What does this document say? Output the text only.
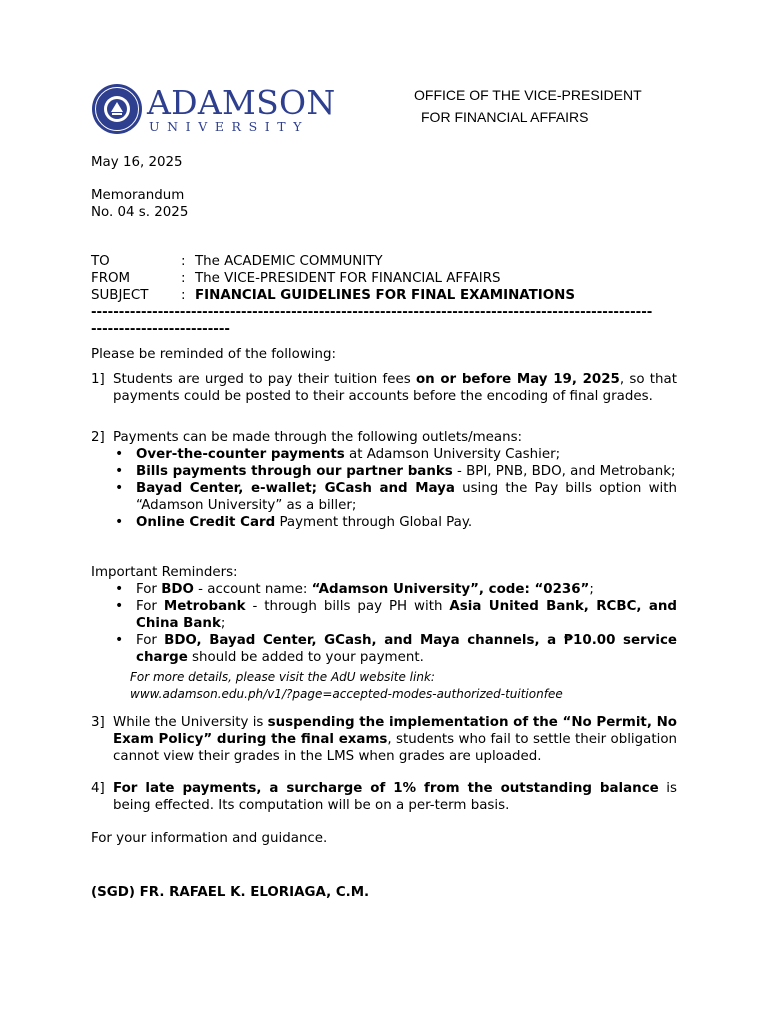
ADAMSON
UNIVERSITY
OFFICE OF THE VICE-PRESIDENT
FOR FINANCIAL AFFAIRS
May 16, 2025
Memorandum
No. 04 s. 2025
TO	: The ACADEMIC COMMUNITY
FROM	: The VICE-PRESIDENT FOR FINANCIAL AFFAIRS
SUBJECT : FINANCIAL GUIDELINES FOR FINAL EXAMINATIONS
-----------------------------------------------------------------------------------------------------
-------------------------
Please be reminded of the following:
1] Students are urged to pay their tuition fees on or before May 19, 2025, so that payments could be posted to their accounts before the encoding of final grades.
2] Payments can be made through the following outlets/means:
• Over-the-counter payments at Adamson University Cashier;
• Bills payments through our partner banks - BPI, PNB, BDO, and Metrobank;
• Bayad Center, e-wallet; GCash and Maya using the Pay bills option with “Adamson University” as a biller;
• Online Credit Card Payment through Global Pay.
Important Reminders:
• For BDO - account name: “Adamson University”, code: “0236”;
• For Metrobank - through bills pay PH with Asia United Bank, RCBC, and China Bank;
• For BDO, Bayad Center, GCash, and Maya channels, a ₱10.00 service charge should be added to your payment.
For more details, please visit the AdU website link:
www.adamson.edu.ph/v1/?page=accepted-modes-authorized-tuitionfee
3] While the University is suspending the implementation of the “No Permit, No Exam Policy” during the final exams, students who fail to settle their obligation cannot view their grades in the LMS when grades are uploaded.
4] For late payments, a surcharge of 1% from the outstanding balance is being effected. Its computation will be on a per-term basis.
For your information and guidance.
(SGD) FR. RAFAEL K. ELORIAGA, C.M.
